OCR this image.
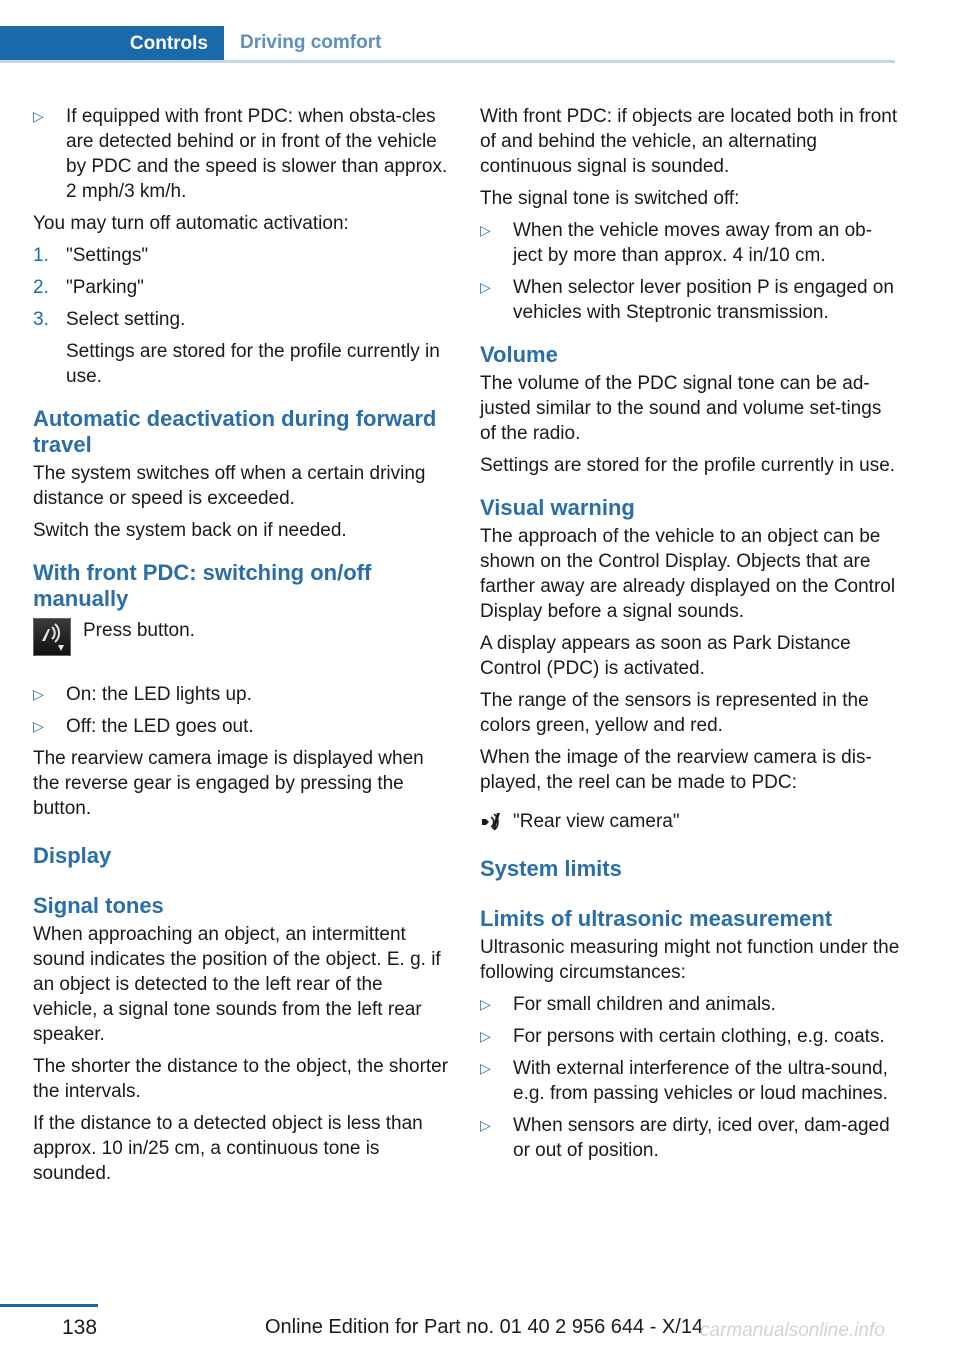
Controls Driving comfort
▷ If equipped with front PDC: when obsta-cles are detected behind or in front of the vehicle by PDC and the speed is slower than approx. 2 mph/3 km/h.

You may turn off automatic activation:

1. "Settings"
2. "Parking"
3. Select setting.

Settings are stored for the profile currently in use.

Automatic deactivation during forward travel

The system switches off when a certain driving distance or speed is exceeded.

Switch the system back on if needed.

With front PDC: switching on/off manually
Press button.
▷ On: the LED lights up.
▷ Off: the LED goes out.

The rearview camera image is displayed when the reverse gear is engaged by pressing the button.

Display
Signal tones

When approaching an object, an intermittent sound indicates the position of the object. E. g. if an object is detected to the left rear of the vehicle, a signal tone sounds from the left rear speaker.

The shorter the distance to the object, the shorter the intervals.

If the distance to a detected object is less than approx. 10 in/25 cm, a continuous tone is sounded.

With front PDC: if objects are located both in front of and behind the vehicle, an alternating continuous signal is sounded.

The signal tone is switched off:

▷ When the vehicle moves away from an ob-ject by more than approx. 4 in/10 cm.
▷ When selector lever position P is engaged on vehicles with Steptronic transmission.
Volume

The volume of the PDC signal tone can be ad-justed similar to the sound and volume set-tings of the radio.

Settings are stored for the profile currently in use.

Visual warning

The approach of the vehicle to an object can be shown on the Control Display. Objects that are farther away are already displayed on the Control Display before a signal sounds.

A display appears as soon as Park Distance Control (PDC) is activated.

The range of the sensors is represented in the colors green, yellow and red.

When the image of the rearview camera is dis-played, the reel can be made to PDC:

"Rear view camera"
System limits
Limits of ultrasonic measurement

Ultrasonic measuring might not function under the following circumstances:

▷ For small children and animals.
▷ For persons with certain clothing, e.g. coats.
▷ With external interference of the ultra-sound, e.g. from passing vehicles or loud machines.
▷ When sensors are dirty, iced over, dam-aged or out of position.
138	Online Edition for Part no. 01 40 2 956 644 - X/14
carmanualsonline.info
